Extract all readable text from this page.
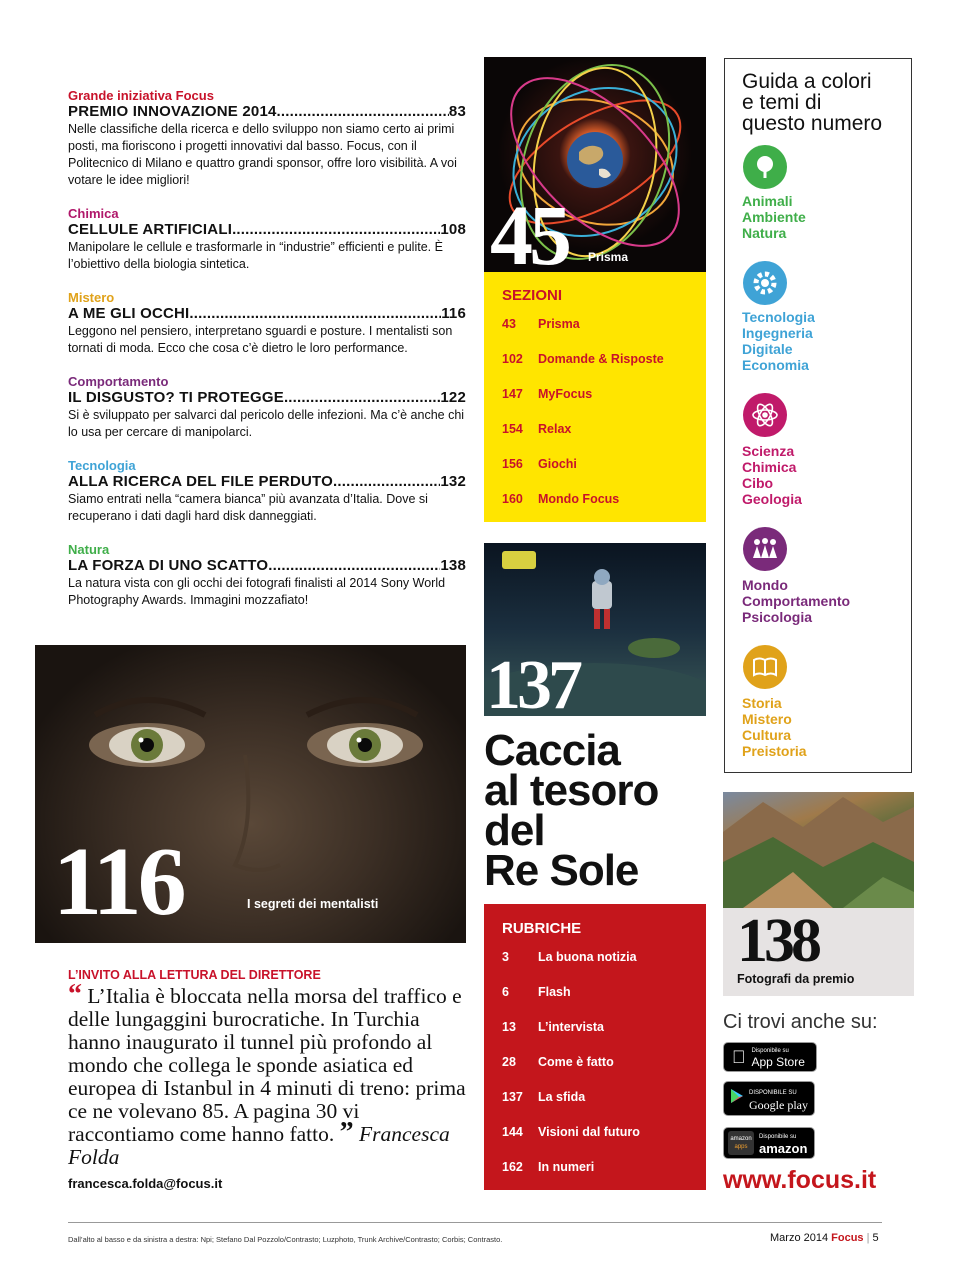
Grande iniziativa Focus
PREMIO INNOVAZIONE 2014 .....	83
Nelle classifiche della ricerca e dello sviluppo non siamo certo ai primi posti, ma fioriscono i progetti innovativi dal basso. Focus, con il Politecnico di Milano e quattro grandi sponsor, offre loro visibilità. A voi votare le idee migliori!
Chimica
CELLULE ARTIFICIALI .....	108
Manipolare le cellule e trasformarle in “industrie” efficienti e pulite. È l’obiettivo della biologia sintetica.
Mistero
A ME GLI OCCHI .....	116
Leggono nel pensiero, interpretano sguardi e posture. I mentalisti son tornati di moda. Ecco che cosa c’è dietro le loro performance.
Comportamento
IL DISGUSTO? TI PROTEGGE .....	122
Si è sviluppato per salvarci dal pericolo delle infezioni. Ma c’è anche chi lo usa per cercare di manipolarci.
Tecnologia
ALLA RICERCA DEL FILE PERDUTO .....	132
Siamo entrati nella “camera bianca” più avanzata d’Italia. Dove si recuperano i dati dagli hard disk danneggiati.
Natura
LA FORZA DI UNO SCATTO .....	138
La natura vista con gli occhi dei fotografi finalisti al 2014 Sony World Photography Awards. Immagini mozzafiato!
45 Prisma
SEZIONI
43 Prisma
102 Domande & Risposte
147 MyFocus
154 Relax
156 Giochi
160 Mondo Focus
137
Caccia
al tesoro
del
Re Sole
RUBRICHE
3 La buona notizia
6 Flash
13 L’intervista
28 Come è fatto
137 La sfida
144 Visioni dal futuro
162 In numeri
Guida a colori
e temi di
questo numero
Animali
Ambiente
Natura
Tecnologia
Ingegneria
Digitale
Economia
Scienza
Chimica
Cibo
Geologia
Mondo
Comportamento
Psicologia
Storia
Mistero
Cultura
Preistoria
138
Fotografi da premio
Ci trovi anche su:
Disponibile su
App Store
DISPONIBILE SU
Google play
amazon
apps
Disponibile su
amazon
www.focus.it
116	I segreti dei mentalisti
L’INVITO ALLA LETTURA DEL DIRETTORE
“ L’Italia è bloccata nella morsa del traffico e delle lungaggini burocratiche. In Turchia hanno inaugurato il tunnel più profondo al mondo che collega le sponde asiatica ed europea di Istanbul in 4 minuti di treno: prima ce ne volevano 85. A pagina 30 vi raccontiamo come hanno fatto. ” Francesca Folda
francesca.folda@focus.it
Dall’alto al basso e da sinistra a destra: Npi; Stefano Dal Pozzolo/Contrasto; Luzphoto, Trunk Archive/Contrasto; Corbis; Contrasto.	Marzo 2014 Focus | 5
